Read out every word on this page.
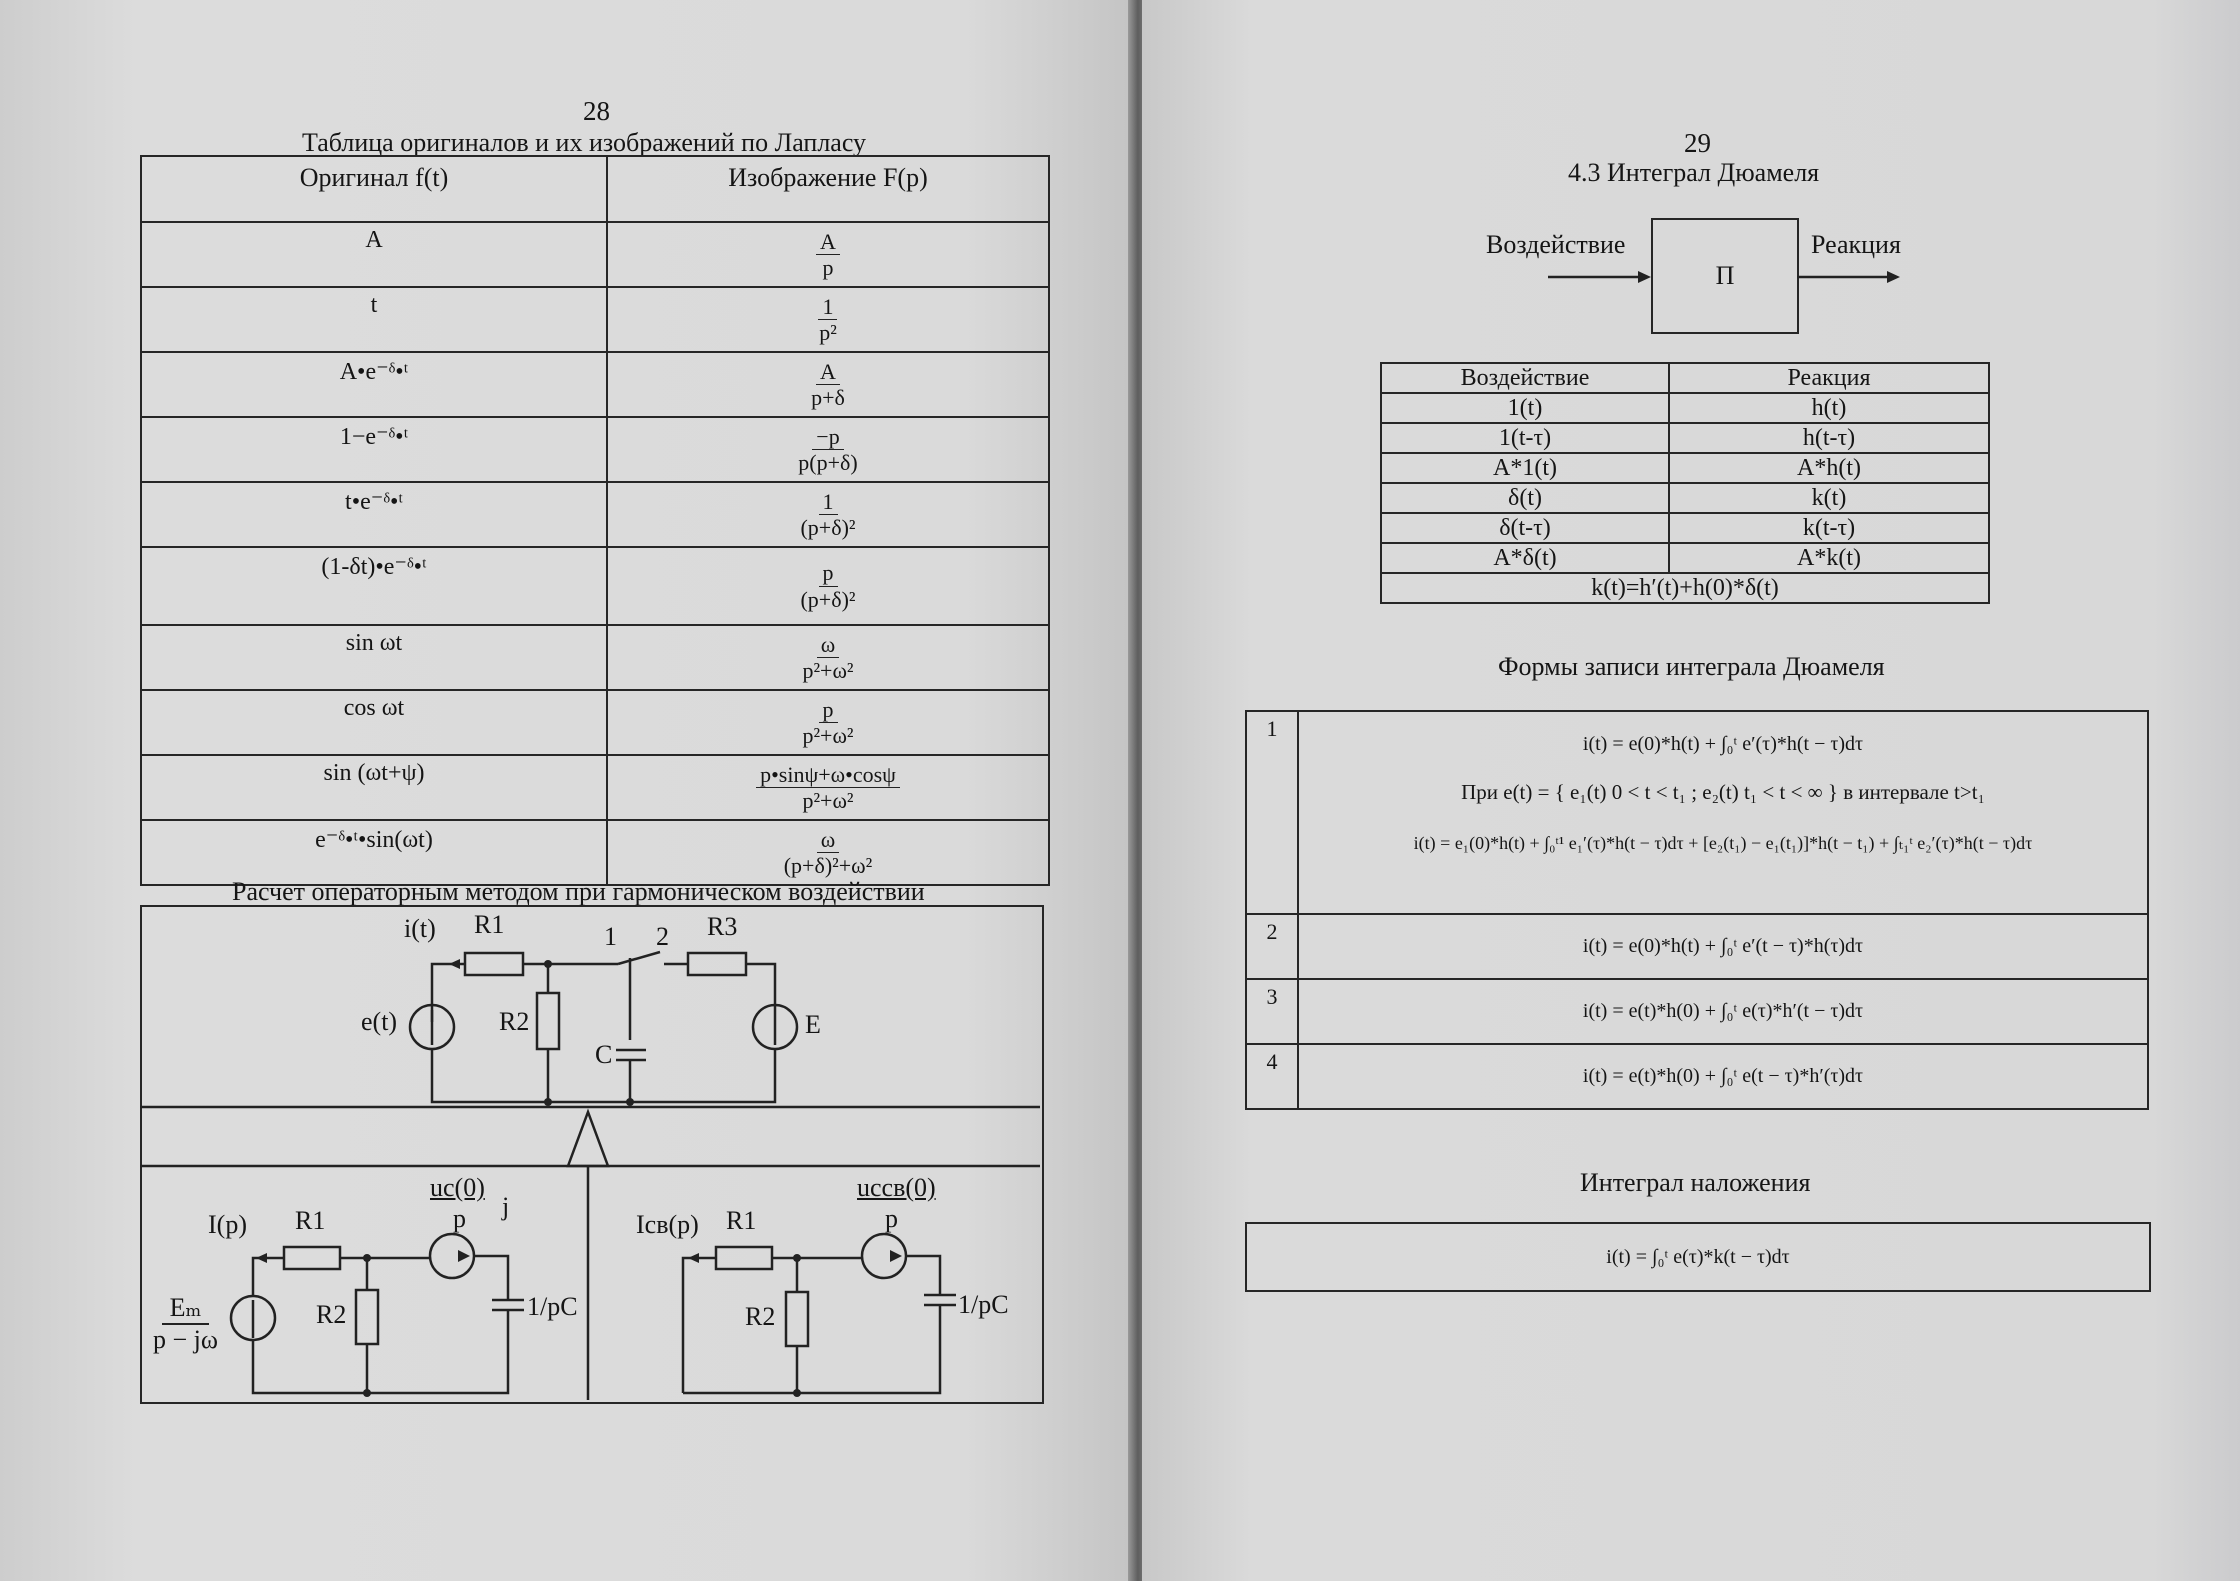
28
Таблица оригиналов и их изображений по Лапласу
Оригинал f(t)	Изображение F(p)
A	$\frac{A}{p}$

t	$\frac{1}{\text{p²}}$

A•e⁻ᵟ•ᵗ	$\frac{A}{p+\delta}$

1−e⁻ᵟ•ᵗ	$\frac{-p}{p(p+\delta)}$

t•e⁻ᵟ•ᵗ	$\frac{1}{\text{(p+δ)²}}$

(1-δt)•e⁻ᵟ•ᵗ	$\frac{p}{\text{(p+δ)²}}$

sin ωt	$\frac{\omega}{\text{p²+ω²}}$

cos ωt	$\frac{p}{\text{p²+ω²}}$

sin (ωt+ψ)	$\frac{p•\sin\psi+\omega•\cos\psi}{\text{p²+ω²}}$

e⁻ᵟ•ᵗ•sin(ωt)	$\frac{\omega}{\text{(p+δ)²+ω²}}$
Расчет операторным методом при гармоническом воздействии
i(t) R1	1 2 R3
e(t)	R2
C
E
I(p) R1
uc(0)
p j
R2	1/pC
$\frac{\text{Eₘ}}{p - j\omega}$
Iсв(p) R1
uссв(0)
p
R2	1/pC
29
4.3 Интеграл Дюамеля
Воздействие
П
Реакция
Воздействие	Реакция
1(t)	h(t)
1(t-τ)	h(t-τ)
A*1(t)	A*h(t)
δ(t)	k(t)
δ(t-τ)	k(t-τ)
A*δ(t)	A*k(t)
k(t)=h′(t)+h(0)*δ(t)	
Формы записи интеграла Дюамеля
1	i(t) = e(0)*h(t) + ∫₀ᵗ e′(τ)*h(t − τ)dτ
При e(t) = { e₁(t) 0 < t < t₁ ; e₂(t) t₁ < t < ∞ } в интервале t>t₁
i(t) = e₁(0)*h(t) + ∫₀ᵗ¹ e₁′(τ)*h(t − τ)dτ + [e₂(t₁) − e₁(t₁)]*h(t − t₁) + ∫ₜ₁ᵗ e₂′(τ)*h(t − τ)dτ

2	i(t) = e(0)*h(t) + ∫₀ᵗ e′(t − τ)*h(τ)dτ
3	i(t) = e(t)*h(0) + ∫₀ᵗ e(τ)*h′(t − τ)dτ
4	i(t) = e(t)*h(0) + ∫₀ᵗ e(t − τ)*h′(τ)dτ
Интеграл наложения
i(t) = ∫₀ᵗ e(τ)*k(t − τ)dτ
